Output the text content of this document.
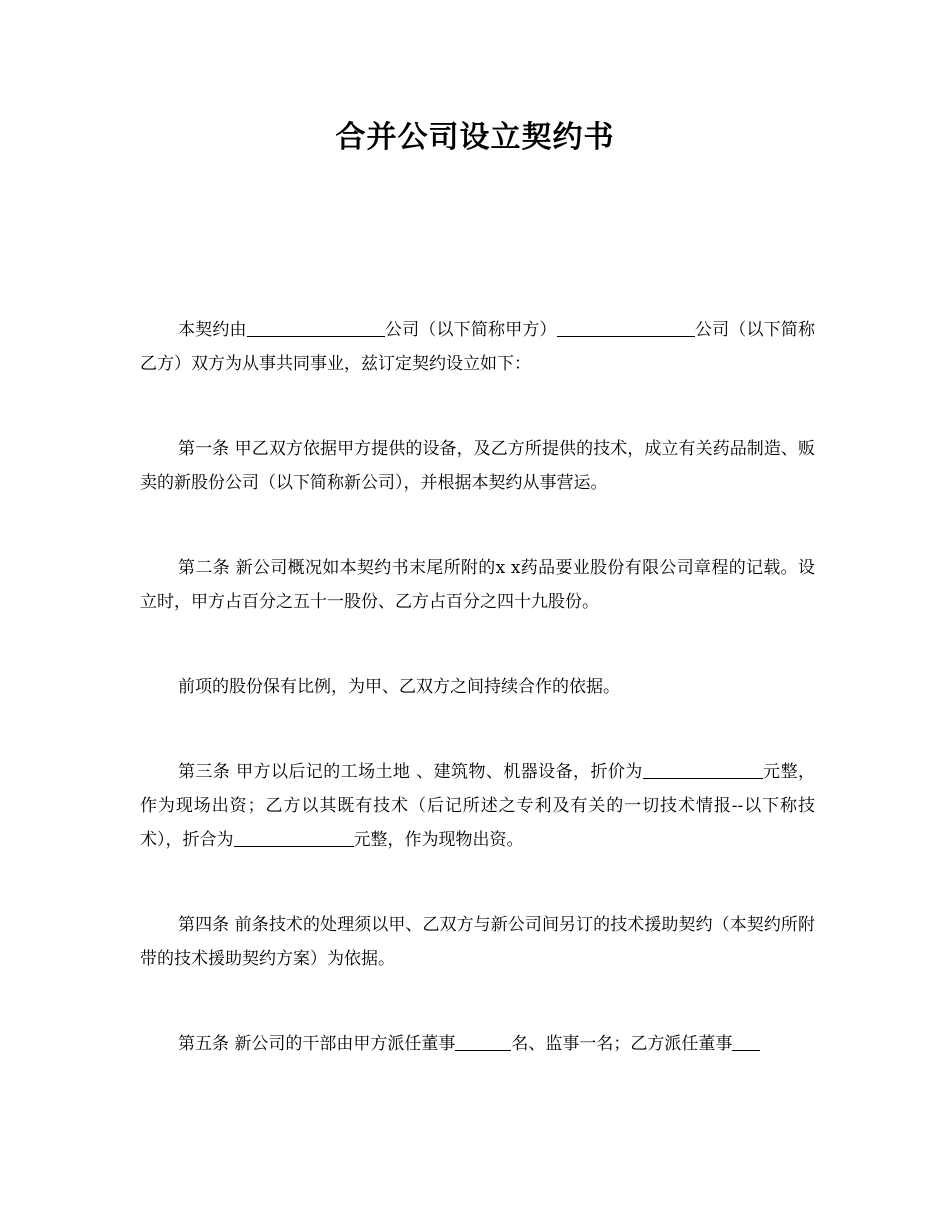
合并公司设立契约书

本契约由	公司（以下简称甲方）	公司（以下简称乙方）双方为从事共同事业，兹订定契约设立如下：

第一条 甲乙双方依据甲方提供的设备，及乙方所提供的技术，成立有关药品制造、贩卖的新股份公司（以下简称新公司），并根据本契约从事营运。

第二条 新公司概况如本契约书末尾所附的x x药品要业股份有限公司章程的记载。设立时，甲方占百分之五十一股份、乙方占百分之四十九股份。

前项的股份保有比例，为甲、乙双方之间持续合作的依据。

第三条 甲方以后记的工场土地 、建筑物、机器设备，折价为	元整，作为现场出资；乙方以其既有技术（后记所述之专利及有关的一切技术情报--以下称技术），折合为	元整，作为现物出资。

第四条 前条技术的处理须以甲、乙双方与新公司间另订的技术援助契约（本契约所附带的技术援助契约方案）为依据。

第五条 新公司的干部由甲方派任董事	名、监事一名；乙方派任董事
